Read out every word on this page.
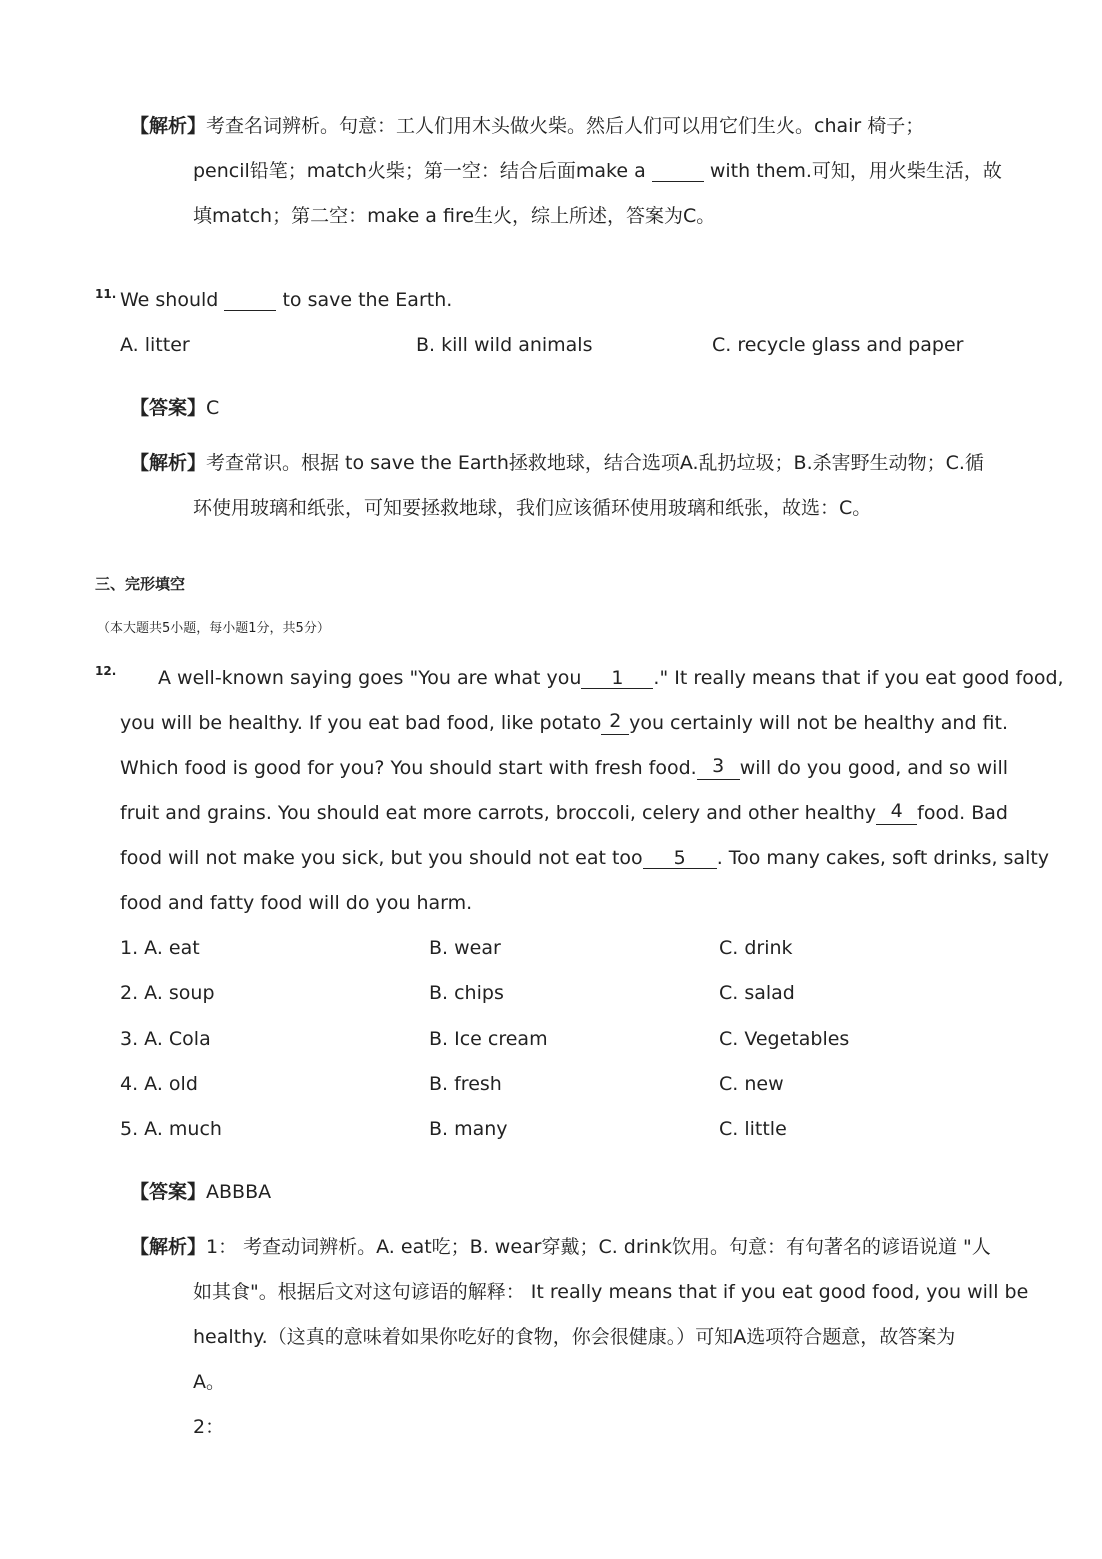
【解析】考查名词辨析。句意：工人们用木头做火柴。然后人们可以用它们生火。chair 椅子；
pencil铅笔；match火柴；第一空：结合后面make a	with them.可知，用火柴生活，故
填match；第二空：make a fire生火，综上所述，答案为C。
11. We should	to save the Earth.
A. litter	B. kill wild animals	C. recycle glass and paper
【答案】C
【解析】考查常识。根据 to save the Earth拯救地球，结合选项A.乱扔垃圾；B.杀害野生动物；C.循
环使用玻璃和纸张，可知要拯救地球，我们应该循环使用玻璃和纸张，故选：C。
三、完形填空
（本大题共5小题，每小题1分，共5分）
12. A well-known saying goes "You are what you	1 ." It really means that if you eat good food,
you will be healthy. If you eat bad food, like potato 2 you certainly will not be healthy and fit.
Which food is good for you? You should start with fresh food. 3 will do you good, and so will
fruit and grains. You should eat more carrots, broccoli, celery and other healthy 4 food. Bad
food will not make you sick, but you should not eat too	5 . Too many cakes, soft drinks, salty
food and fatty food will do you harm.
1. A. eat	B. wear	C. drink
2. A. soup	B. chips	C. salad
3. A. Cola	B. Ice cream	C. Vegetables
4. A. old	B. fresh	C. new
5. A. much	B. many	C. little
【答案】ABBBA
【解析】1： 考查动词辨析。A. eat吃；B. wear穿戴；C. drink饮用。句意：有句著名的谚语说道 "人
如其食"。根据后文对这句谚语的解释： It really means that if you eat good food, you will be
healthy.（这真的意味着如果你吃好的食物，你会很健康。）可知A选项符合题意，故答案为
A。
2：
